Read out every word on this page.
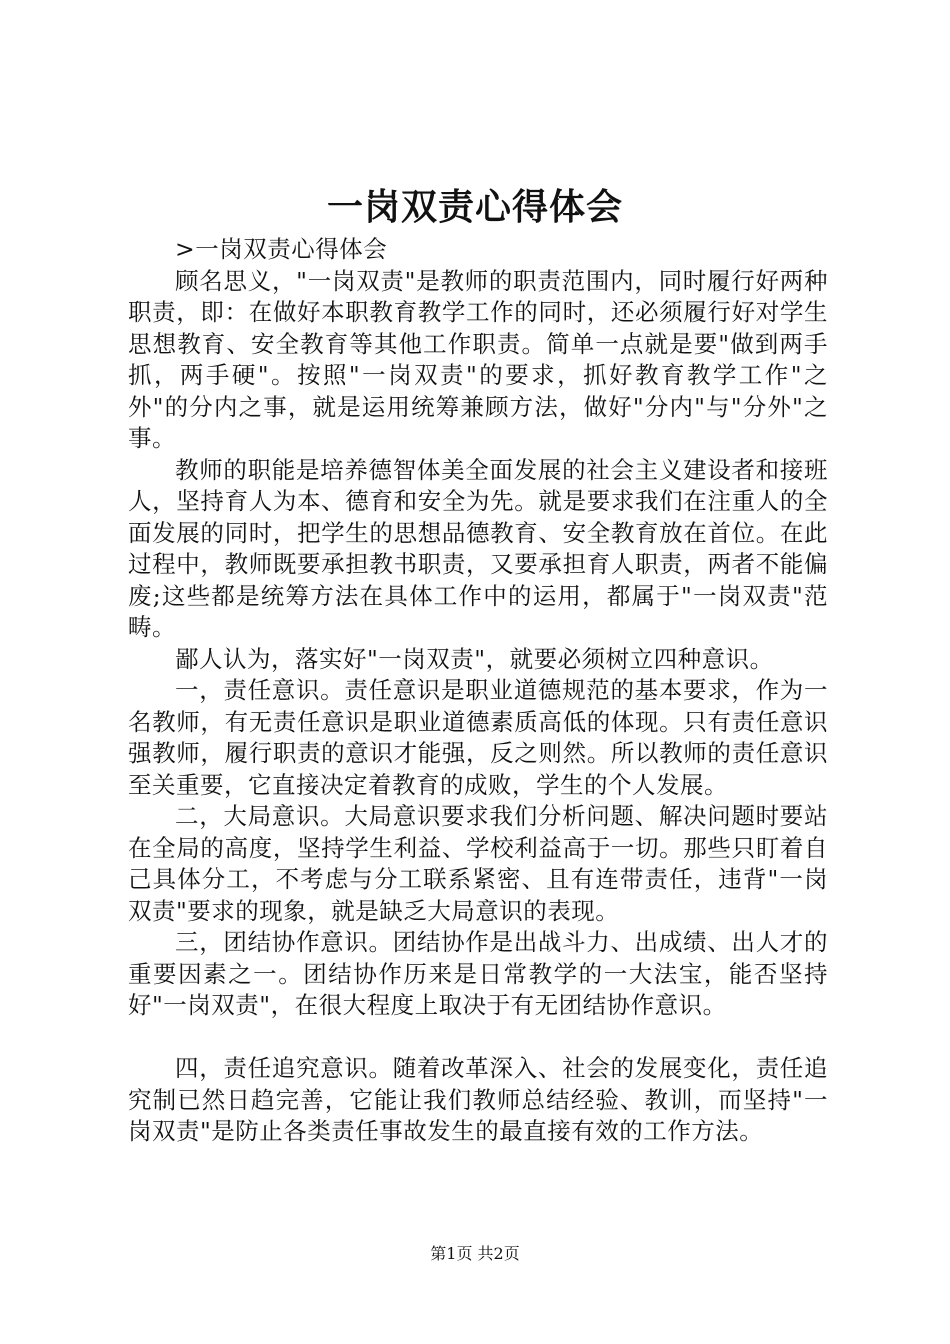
一岗双责心得体会

>一岗双责心得体会

顾名思义，"一岗双责"是教师的职责范围内，同时履行好两种职责，即：在做好本职教育教学工作的同时，还必须履行好对学生思想教育、安全教育等其他工作职责。简单一点就是要"做到两手抓，两手硬"。按照"一岗双责"的要求，抓好教育教学工作"之外"的分内之事，就是运用统筹兼顾方法，做好"分内"与"分外"之事。

教师的职能是培养德智体美全面发展的社会主义建设者和接班人，坚持育人为本、德育和安全为先。就是要求我们在注重人的全面发展的同时，把学生的思想品德教育、安全教育放在首位。在此过程中，教师既要承担教书职责，又要承担育人职责，两者不能偏废;这些都是统筹方法在具体工作中的运用，都属于"一岗双责"范畴。

鄙人认为，落实好"一岗双责"，就要必须树立四种意识。

一，责任意识。责任意识是职业道德规范的基本要求，作为一名教师，有无责任意识是职业道德素质高低的体现。只有责任意识强教师，履行职责的意识才能强，反之则然。所以教师的责任意识至关重要，它直接决定着教育的成败，学生的个人发展。

二，大局意识。大局意识要求我们分析问题、解决问题时要站在全局的高度，坚持学生利益、学校利益高于一切。那些只盯着自己具体分工，不考虑与分工联系紧密、且有连带责任，违背"一岗双责"要求的现象，就是缺乏大局意识的表现。

三，团结协作意识。团结协作是出战斗力、出成绩、出人才的重要因素之一。团结协作历来是日常教学的一大法宝，能否坚持好"一岗双责"，在很大程度上取决于有无团结协作意识。

四，责任追究意识。随着改革深入、社会的发展变化，责任追究制已然日趋完善，它能让我们教师总结经验、教训，而坚持"一岗双责"是防止各类责任事故发生的最直接有效的工作方法。

第1页 共2页
